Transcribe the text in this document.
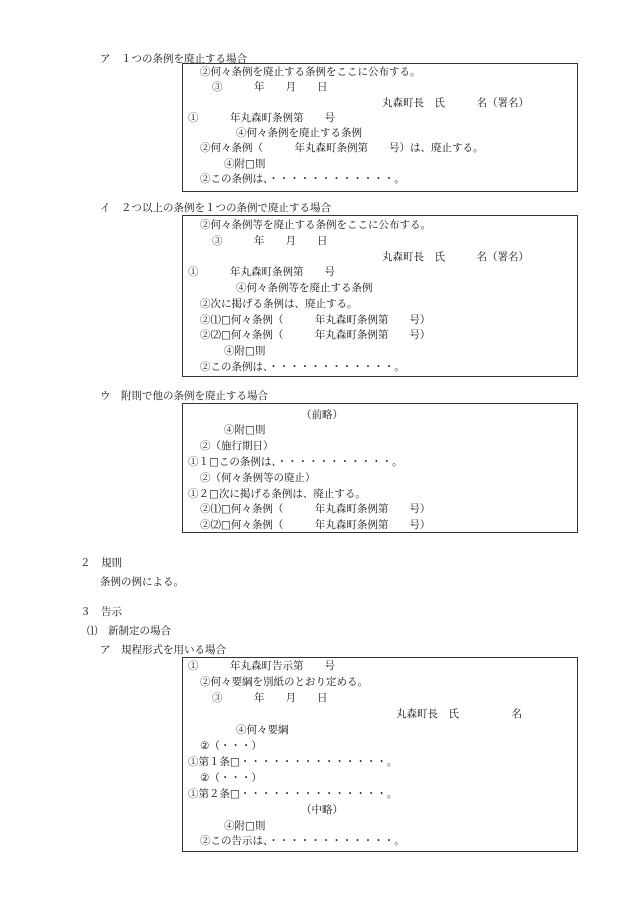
ア　１つの条例を廃止する場合
②何々条例を廃止する条例をここに公布する。
③　　　年　　月　　日
丸森町長　氏　　　名（署名）
①　　　年丸森町条例第　　号
④何々条例を廃止する条例
②何々条例（　　　年丸森町条例第　　号）は、廃止する。
④附□則
②この条例は、・・・・・・・・・・・・。
イ　２つ以上の条例を１つの条例で廃止する場合
②何々条例等を廃止する条例をここに公布する。
③　　　年　　月　　日
丸森町長　氏　　　名（署名）
①　　　年丸森町条例第　　号
④何々条例等を廃止する条例
②次に掲げる条例は、廃止する。
②⑴□何々条例（　　　年丸森町条例第　　号）
②⑵□何々条例（　　　年丸森町条例第　　号）
④附□則
②この条例は、・・・・・・・・・・・・。
ウ　附則で他の条例を廃止する場合
（前略）
④附□則
②（施行期日）
①１□この条例は、・・・・・・・・・・・。
②（何々条例等の廃止）
①２□次に掲げる条例は、廃止する。
②⑴□何々条例（　　　年丸森町条例第　　号）
②⑵□何々条例（　　　年丸森町条例第　　号）
２　規則
条例の例による。
３　告示
⑴　新制定の場合
ア　規程形式を用いる場合
①　　　年丸森町告示第　　号
②何々要綱を別紙のとおり定める。
③　　　年　　月　　日
丸森町長　氏　　　　　名
④何々要綱
②（・・・）
①第１条□・・・・・・・・・・・・・・。
②（・・・）
①第２条□・・・・・・・・・・・・・・。
（中略）
④附□則
②この告示は、・・・・・・・・・・・・。
